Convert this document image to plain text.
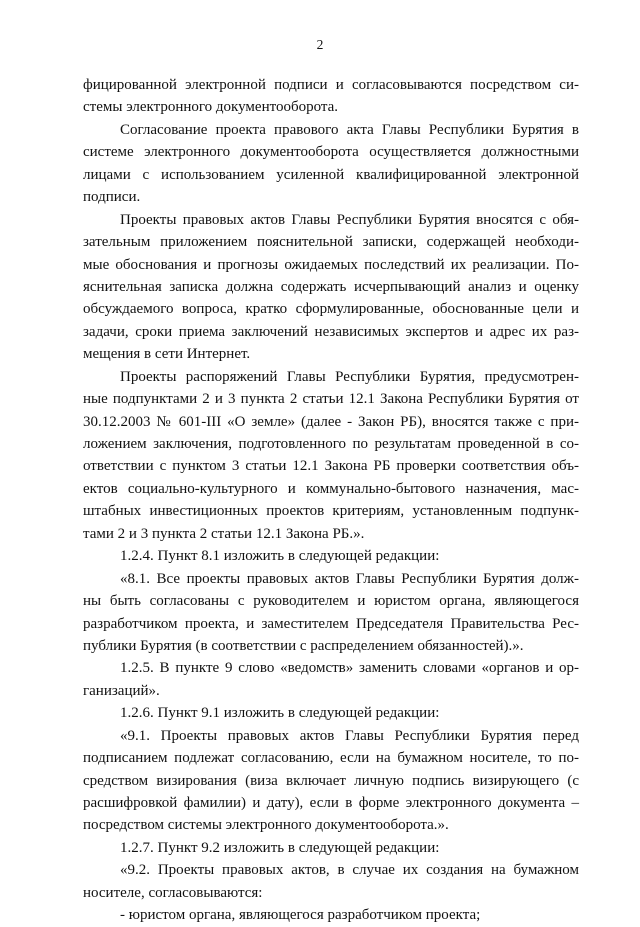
2
фицированной электронной подписи и согласовываются посредством си-
стемы электронного документооборота.
Согласование проекта правового акта Главы Республики Бурятия в
системе электронного документооборота осуществляется должностными
лицами с использованием усиленной квалифицированной электронной
подписи.
Проекты правовых актов Главы Республики Бурятия вносятся с обя-
зательным приложением пояснительной записки, содержащей необходи-
мые обоснования и прогнозы ожидаемых последствий их реализации. По-
яснительная записка должна содержать исчерпывающий анализ и оценку
обсуждаемого вопроса, кратко сформулированные, обоснованные цели и
задачи, сроки приема заключений независимых экспертов и адрес их раз-
мещения в сети Интернет.
Проекты распоряжений Главы Республики Бурятия, предусмотрен-
ные подпунктами 2 и 3 пункта 2 статьи 12.1 Закона Республики Бурятия от
30.12.2003 № 601-III «О земле» (далее - Закон РБ), вносятся также с при-
ложением заключения, подготовленного по результатам проведенной в со-
ответствии с пунктом 3 статьи 12.1 Закона РБ проверки соответствия объ-
ектов социально-культурного и коммунально-бытового назначения, мас-
штабных инвестиционных проектов критериям, установленным подпунк-
тами 2 и 3 пункта 2 статьи 12.1 Закона РБ.».
1.2.4. Пункт 8.1 изложить в следующей редакции:
«8.1. Все проекты правовых актов Главы Республики Бурятия долж-
ны быть согласованы с руководителем и юристом органа, являющегося
разработчиком проекта, и заместителем Председателя Правительства Рес-
публики Бурятия (в соответствии с распределением обязанностей).».
1.2.5. В пункте 9 слово «ведомств» заменить словами «органов и ор-
ганизаций».
1.2.6. Пункт 9.1 изложить в следующей редакции:
«9.1. Проекты правовых актов Главы Республики Бурятия перед
подписанием подлежат согласованию, если на бумажном носителе, то по-
средством визирования (виза включает личную подпись визирующего (с
расшифровкой фамилии) и дату), если в форме электронного документа –
посредством системы электронного документооборота.».
1.2.7. Пункт 9.2 изложить в следующей редакции:
«9.2. Проекты правовых актов, в случае их создания на бумажном
носителе, согласовываются:
- юристом органа, являющегося разработчиком проекта;
